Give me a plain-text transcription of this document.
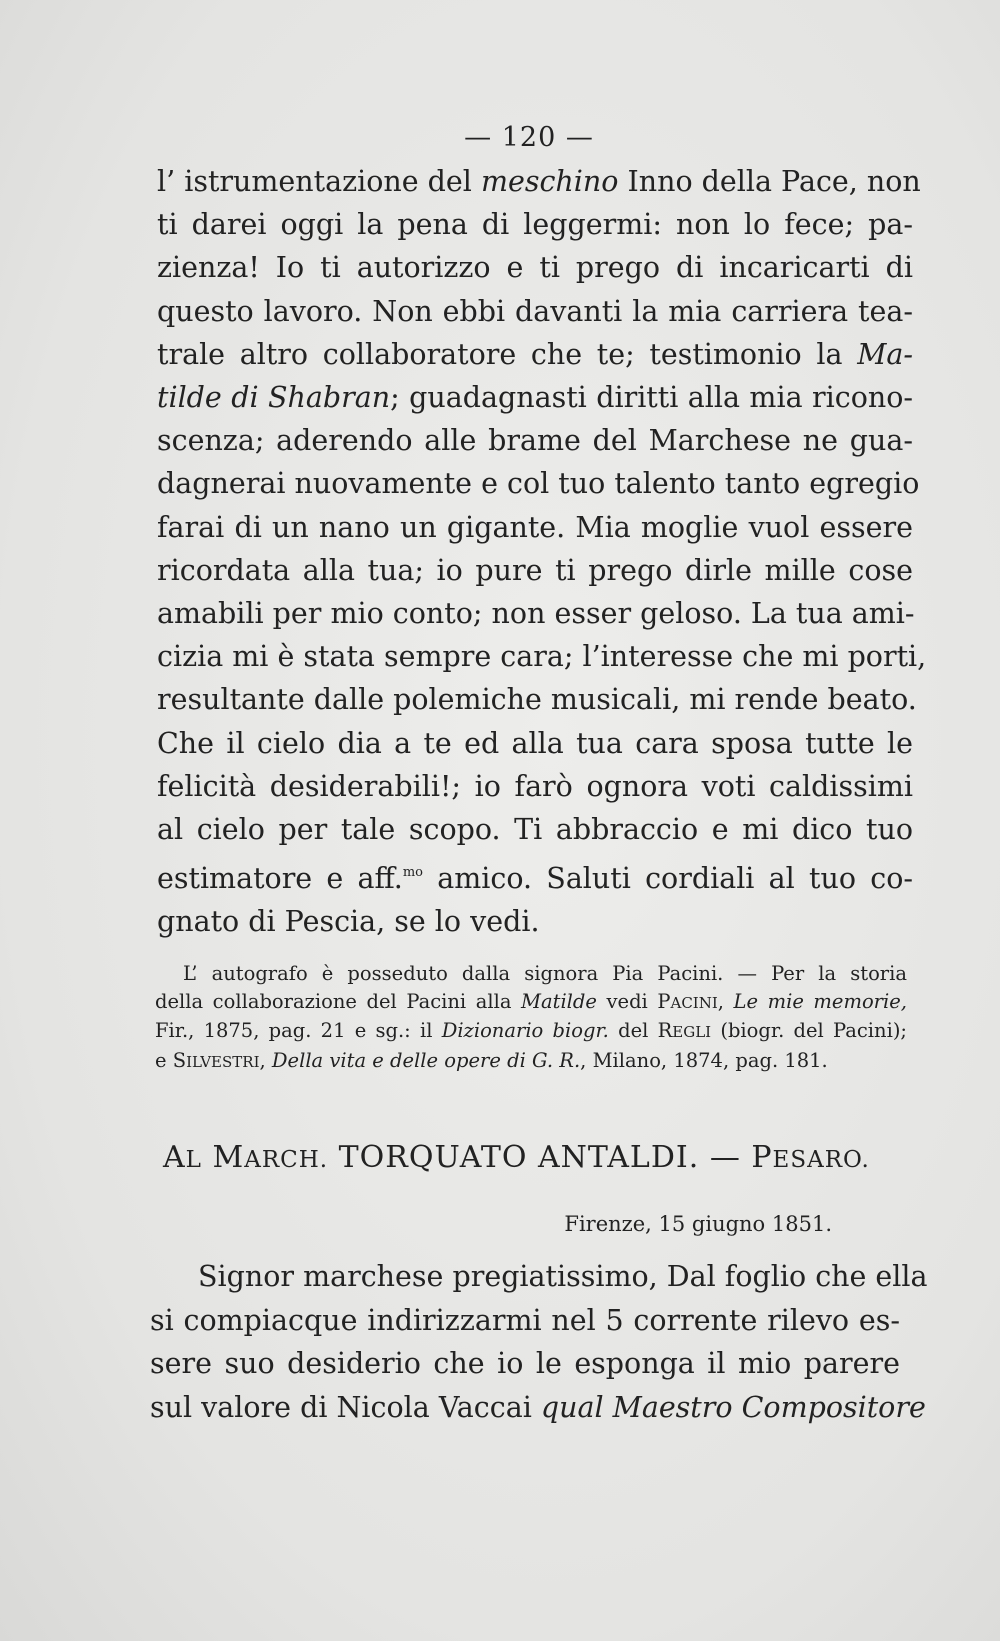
— 120 —
l’ istrumentazione del meschino Inno della Pace, non
ti darei oggi la pena di leggermi: non lo fece; pa-
zienza! Io ti autorizzo e ti prego di incaricarti di
questo lavoro. Non ebbi davanti la mia carriera tea-
trale altro collaboratore che te; testimonio la Ma-
tilde di Shabran; guadagnasti diritti alla mia ricono-
scenza; aderendo alle brame del Marchese ne gua-
dagnerai nuovamente e col tuo talento tanto egregio
farai di un nano un gigante. Mia moglie vuol essere
ricordata alla tua; io pure ti prego dirle mille cose
amabili per mio conto; non esser geloso. La tua ami-
cizia mi è stata sempre cara; l’interesse che mi porti,
resultante dalle polemiche musicali, mi rende beato.
Che il cielo dia a te ed alla tua cara sposa tutte le
felicità desiderabili!; io farò ognora voti caldissimi
al cielo per tale scopo. Ti abbraccio e mi dico tuo
estimatore e aff.$^{mo}$ amico. Saluti cordiali al tuo co-
gnato di Pescia, se lo vedi.
L’ autografo è posseduto dalla signora Pia Pacini. — Per la storia
della collaborazione del Pacini alla Matilde vedi PACINI, Le mie memorie,
Fir., 1875, pag. 21 e sg.: il Dizionario biogr. del REGLI (biogr. del Pacini);
e SILVESTRI, Della vita e delle opere di G. R., Milano, 1874, pag. 181.
AL MARCH. TORQUATO ANTALDI. — PESARO.
Firenze, 15 giugno 1851.
Signor marchese pregiatissimo, Dal foglio che ella
si compiacque indirizzarmi nel 5 corrente rilevo es-
sere suo desiderio che io le esponga il mio parere
sul valore di Nicola Vaccai qual Maestro Compositore
